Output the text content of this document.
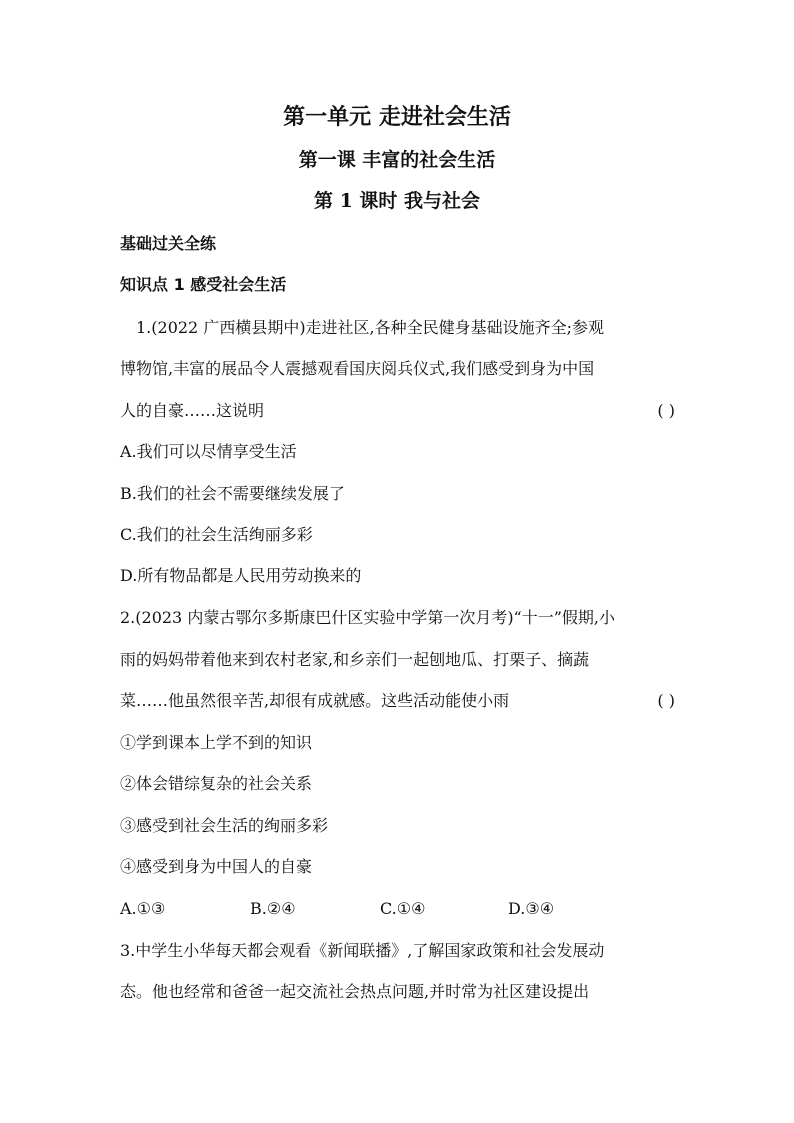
第一单元 走进社会生活
第一课 丰富的社会生活
第 1 课时 我与社会
基础过关全练
知识点 1 感受社会生活
1.(2022 广西横县期中)走进社区,各种全民健身基础设施齐全;参观
博物馆,丰富的展品令人震撼观看国庆阅兵仪式,我们感受到身为中国
人的自豪……这说明	( )
A.我们可以尽情享受生活
B.我们的社会不需要继续发展了
C.我们的社会生活绚丽多彩
D.所有物品都是人民用劳动换来的
2.(2023 内蒙古鄂尔多斯康巴什区实验中学第一次月考)“十一”假期,小
雨的妈妈带着他来到农村老家,和乡亲们一起刨地瓜、打栗子、摘蔬
菜……他虽然很辛苦,却很有成就感。这些活动能使小雨	( )
①学到课本上学不到的知识
②体会错综复杂的社会关系
③感受到社会生活的绚丽多彩
④感受到身为中国人的自豪
A.①③	B.②④	C.①④	D.③④
3.中学生小华每天都会观看《新闻联播》,了解国家政策和社会发展动
态。他也经常和爸爸一起交流社会热点问题,并时常为社区建设提出
